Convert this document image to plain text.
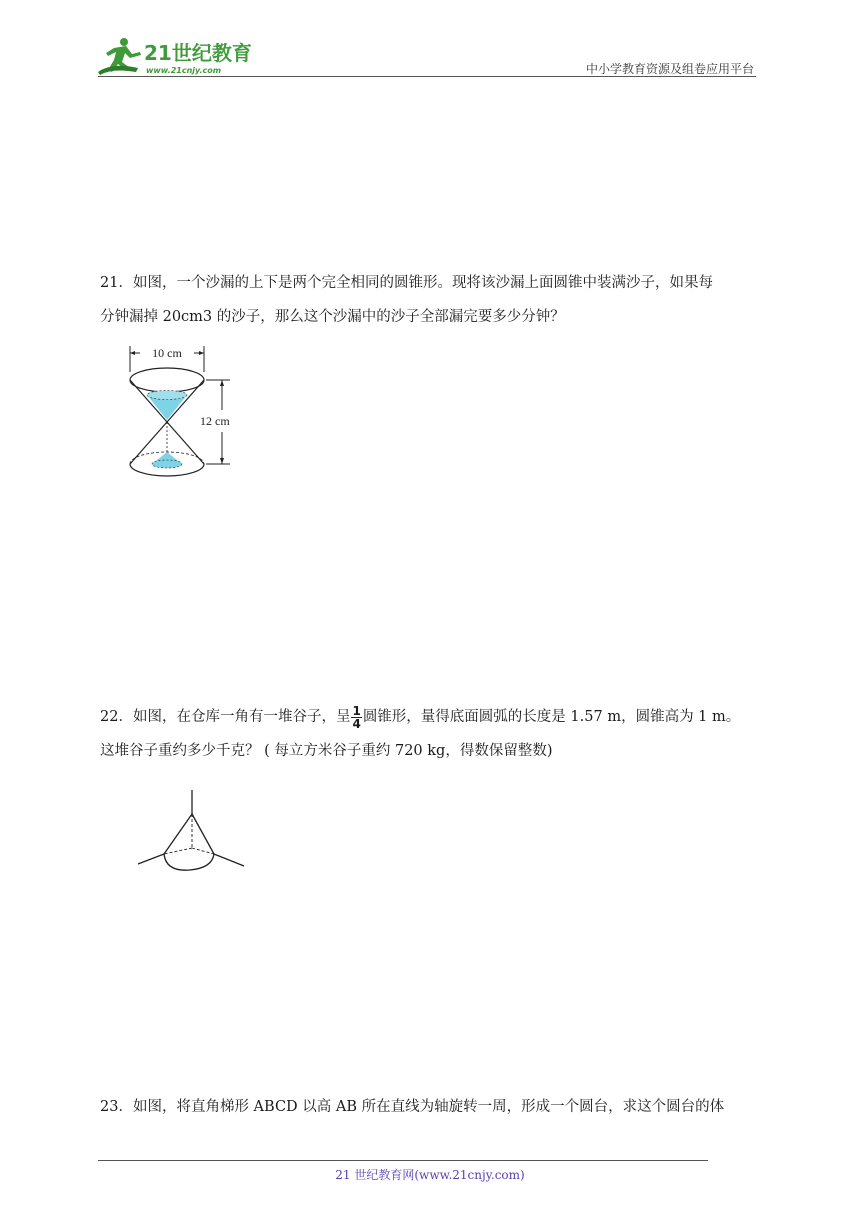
21世纪教育
www.21cnjy.com	中小学教育资源及组卷应用平台

21．如图，一个沙漏的上下是两个完全相同的圆锥形。现将该沙漏上面圆锥中装满沙子，如果每

分钟漏掉 20cm3 的沙子，那么这个沙漏中的沙子全部漏完要多少分钟？

10 cm
12 cm

22．如图，在仓库一角有一堆谷子，呈 $\frac{1}{4}$ 圆锥形，量得底面圆弧的长度是 1.57 m，圆锥高为 1 m。

这堆谷子重约多少千克？ ( 每立方米谷子重约 720 kg，得数保留整数)

23．如图，将直角梯形 ABCD 以高 AB 所在直线为轴旋转一周，形成一个圆台，求这个圆台的体

21 世纪教育网(www.21cnjy.com)
